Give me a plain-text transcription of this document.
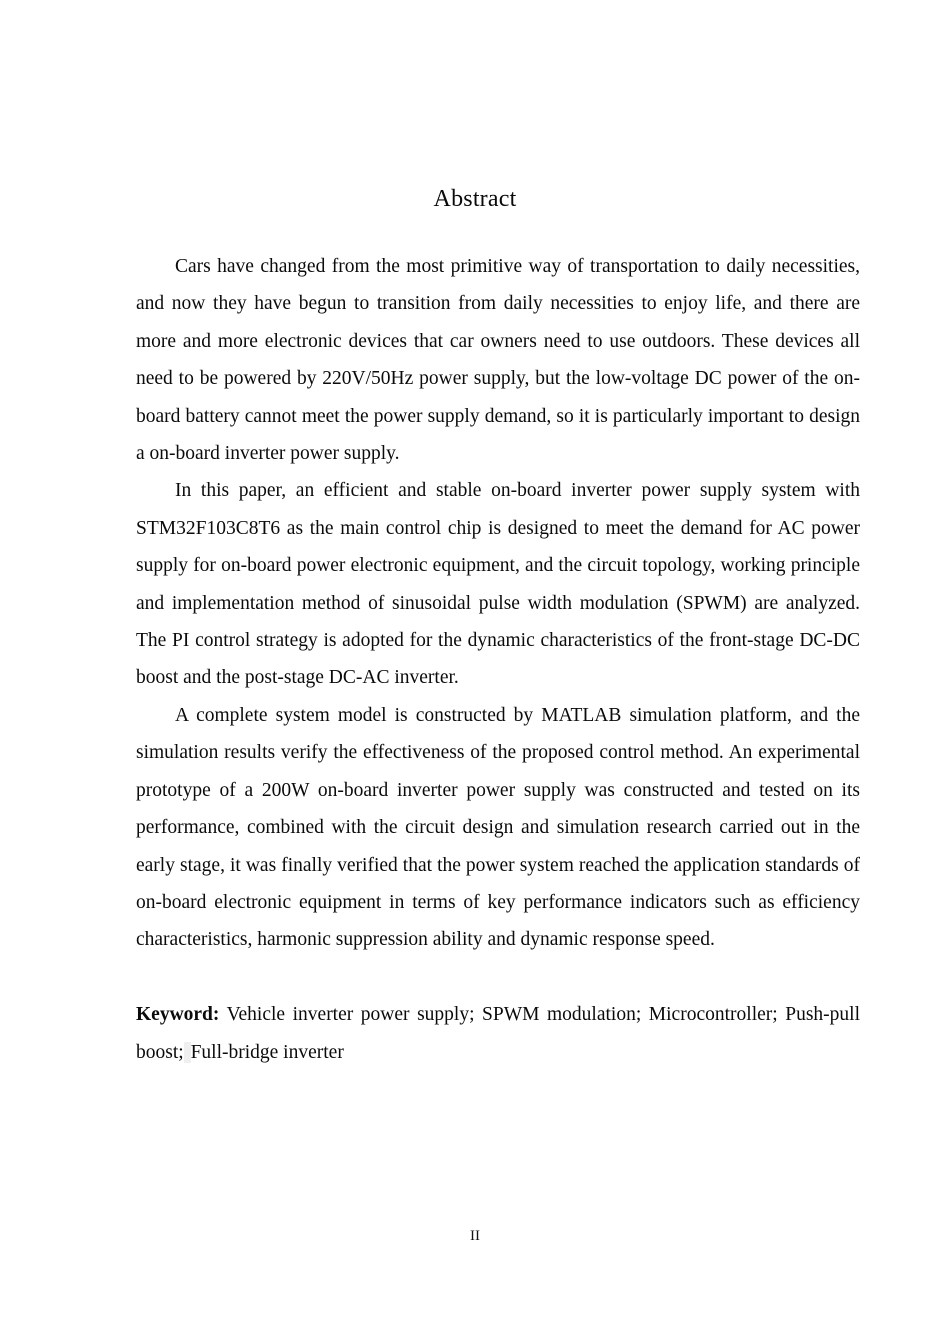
Abstract

Cars have changed from the most primitive way of transportation to daily necessities, and now they have begun to transition from daily necessities to enjoy life, and there are more and more electronic devices that car owners need to use outdoors. These devices all need to be powered by 220V/50Hz power supply, but the low-voltage DC power of the on-board battery cannot meet the power supply demand, so it is particularly important to design a on-board inverter power supply.

In this paper, an efficient and stable on-board inverter power supply system with STM32F103C8T6 as the main control chip is designed to meet the demand for AC power supply for on-board power electronic equipment, and the circuit topology, working principle and implementation method of sinusoidal pulse width modulation (SPWM) are analyzed. The PI control strategy is adopted for the dynamic characteristics of the front-stage DC-DC boost and the post-stage DC-AC inverter.

A complete system model is constructed by MATLAB simulation platform, and the simulation results verify the effectiveness of the proposed control method. An experimental prototype of a 200W on-board inverter power supply was constructed and tested on its performance, combined with the circuit design and simulation research carried out in the early stage, it was finally verified that the power system reached the application standards of on-board electronic equipment in terms of key performance indicators such as efficiency characteristics, harmonic suppression ability and dynamic response speed.

Keyword: Vehicle inverter power supply; SPWM modulation; Microcontroller; Push-pull boost; Full-bridge inverter

II
